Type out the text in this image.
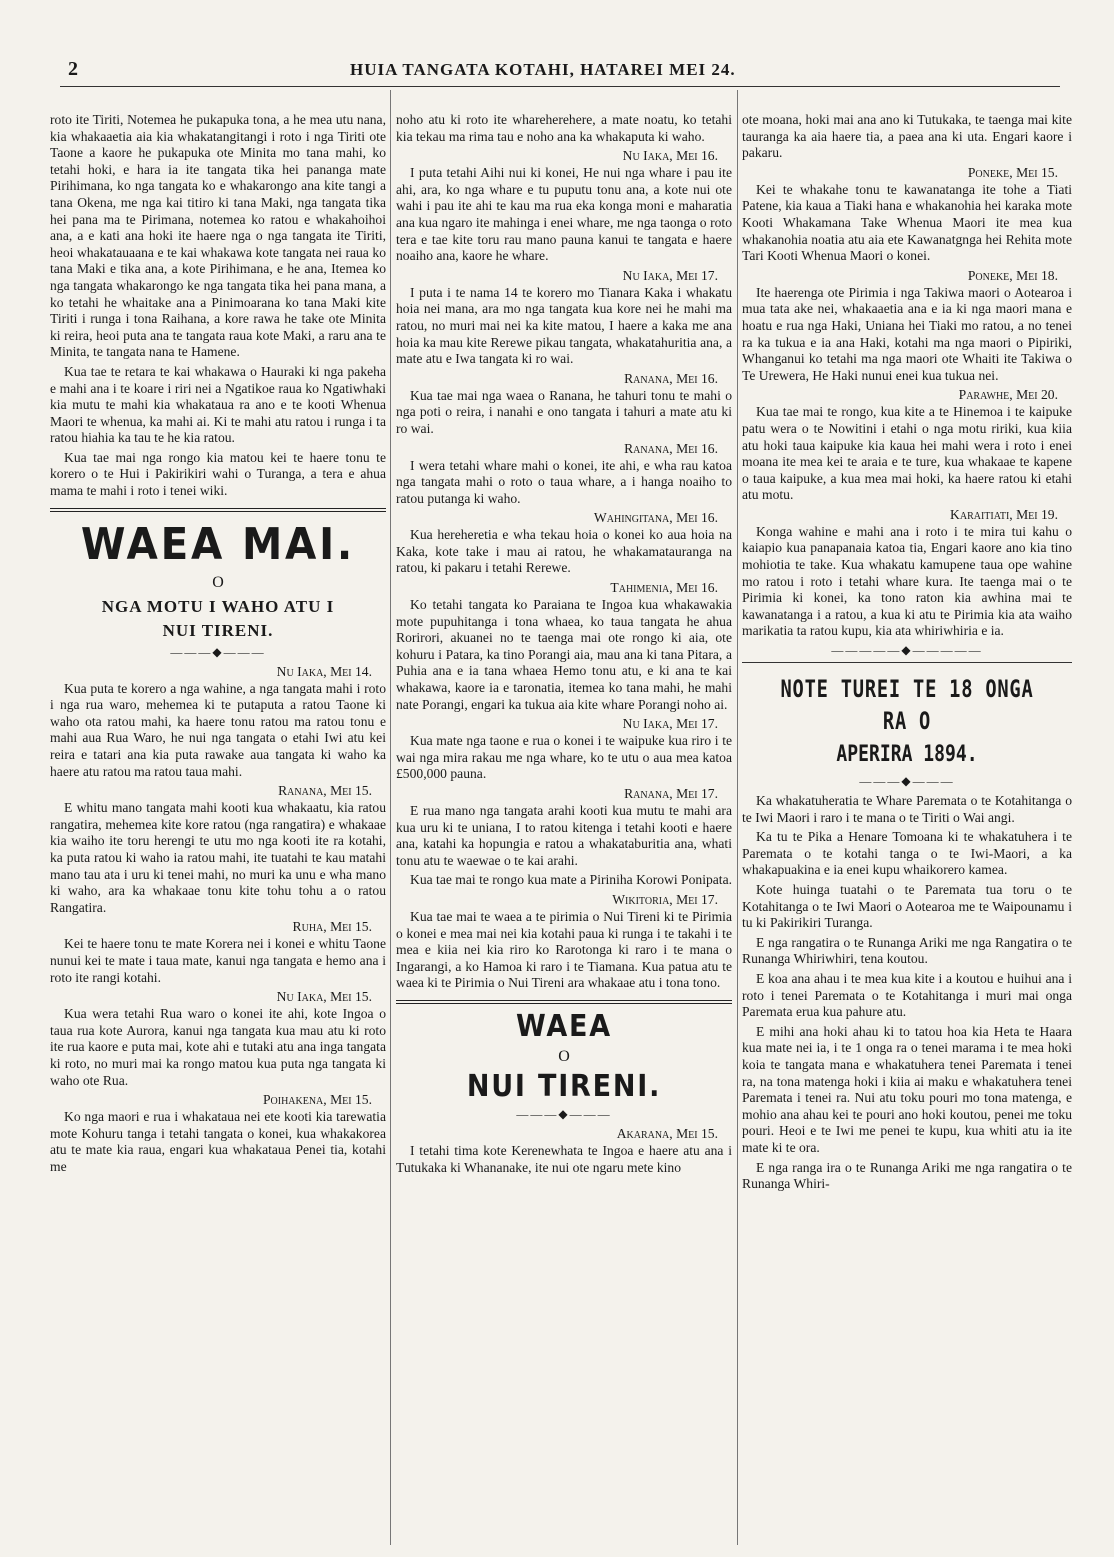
2	HUIA TANGATA KOTAHI, HATAREI MEI 24.

roto ite Tiriti, Notemea he pukapuka tona, a he mea utu nana, kia whakaaetia aia kia whakatangitangi i roto i nga Tiriti ote Taone a kaore he pukapuka ote Minita mo tana mahi, ko tetahi hoki, e hara ia ite tangata tika hei pananga mate Pirihimana, ko nga tangata ko e whakarongo ana kite tangi a tana Okena, me nga kai titiro ki tana Maki, nga tangata tika hei pana ma te Pirimana, notemea ko ratou e whakahoihoi ana, a e kati ana hoki ite haere nga o nga tangata ite Tiriti, heoi whakatauaana e te kai whakawa kote tangata nei raua ko tana Maki e tika ana, a kote Pirihimana, e he ana, Itemea ko nga tangata whakarongo ke nga tangata tika hei pana mana, a ko tetahi he whaitake ana a Pinimoarana ko tana Maki kite Tiriti i runga i tona Raihana, a kore rawa he take ote Minita ki reira, heoi puta ana te tangata raua kote Maki, a raru ana te Minita, te tangata nana te Hamene.

Kua tae te retara te kai whakawa o Hauraki ki nga pakeha e mahi ana i te koare i riri nei a Ngatikoe raua ko Ngatiwhaki kia mutu te mahi kia whakataua ra ano e te kooti Whenua Maori te whenua, ka mahi ai. Ki te mahi atu ratou i runga i ta ratou hiahia ka tau te he kia ratou.

Kua tae mai nga rongo kia matou kei te haere tonu te korero o te Hui i Pakirikiri wahi o Turanga, a tera e ahua mama te mahi i roto i tenei wiki.

WAEA MAI.
O
NGA MOTU I WAHO ATU I
NUI TIRENI.
———◆———
Nu Iaka, Mei 14.

Kua puta te korero a nga wahine, a nga tangata mahi i roto i nga rua waro, mehemea ki te putaputa a ratou Taone ki waho ota ratou mahi, ka haere tonu ratou ma ratou tonu e mahi aua Rua Waro, he nui nga tangata o etahi Iwi atu kei reira e tatari ana kia puta rawake aua tangata ki waho ka haere atu ratou ma ratou taua mahi.

Ranana, Mei 15.

E whitu mano tangata mahi kooti kua whakaatu, kia ratou rangatira, mehemea kite kore ratou (nga rangatira) e whakaae kia waiho ite toru herengi te utu mo nga kooti ite ra kotahi, ka puta ratou ki waho ia ratou mahi, ite tuatahi te kau matahi mano tau ata i uru ki tenei mahi, no muri ka unu e wha mano ki waho, ara ka whakaae tonu kite tohu tohu a o ratou Rangatira.

Ruha, Mei 15.

Kei te haere tonu te mate Korera nei i konei e whitu Taone nunui kei te mate i taua mate, kanui nga tangata e hemo ana i roto ite rangi kotahi.

Nu Iaka, Mei 15.

Kua wera tetahi Rua waro o konei ite ahi, kote Ingoa o taua rua kote Aurora, kanui nga tangata kua mau atu ki roto ite rua kaore e puta mai, kote ahi e tutaki atu ana inga tangata ki roto, no muri mai ka rongo matou kua puta nga tangata ki waho ote Rua.

Poihakena, Mei 15.

Ko nga maori e rua i whakataua nei ete kooti kia tarewatia mote Kohuru tanga i tetahi tangata o konei, kua whakakorea atu te mate kia raua, engari kua whakataua Penei tia, kotahi me

noho atu ki roto ite whareherehere, a mate noatu, ko tetahi kia tekau ma rima tau e noho ana ka whakaputa ki waho.

Nu Iaka, Mei 16.

I puta tetahi Aihi nui ki konei, He nui nga whare i pau ite ahi, ara, ko nga whare e tu puputu tonu ana, a kote nui ote wahi i pau ite ahi te kau ma rua eka konga moni e maharatia ana kua ngaro ite mahinga i enei whare, me nga taonga o roto tera e tae kite toru rau mano pauna kanui te tangata e haere noaiho ana, kaore he whare.

Nu Iaka, Mei 17.

I puta i te nama 14 te korero mo Tianara Kaka i whakatu hoia nei mana, ara mo nga tangata kua kore nei he mahi ma ratou, no muri mai nei ka kite matou, I haere a kaka me ana hoia ka mau kite Rerewe pikau tangata, whakatahuritia ana, a mate atu e Iwa tangata ki ro wai.

Ranana, Mei 16.

Kua tae mai nga waea o Ranana, he tahuri tonu te mahi o nga poti o reira, i nanahi e ono tangata i tahuri a mate atu ki ro wai.

Ranana, Mei 16.

I wera tetahi whare mahi o konei, ite ahi, e wha rau katoa nga tangata mahi o roto o taua whare, a i hanga noaiho to ratou putanga ki waho.

Wahingitana, Mei 16.

Kua hereheretia e wha tekau hoia o konei ko aua hoia na Kaka, kote take i mau ai ratou, he whakamatauranga na ratou, ki pakaru i tetahi Rerewe.

Tahimenia, Mei 16.

Ko tetahi tangata ko Paraiana te Ingoa kua whakawakia mote pupuhitanga i tona whaea, ko taua tangata he ahua Rorirori, akuanei no te taenga mai ote rongo ki aia, ote kohuru i Patara, ka tino Porangi aia, mau ana ki tana Pitara, a Puhia ana e ia tana whaea Hemo tonu atu, e ki ana te kai whakawa, kaore ia e taronatia, itemea ko tana mahi, he mahi nate Porangi, engari ka tukua aia kite whare Porangi noho ai.

Nu Iaka, Mei 17.

Kua mate nga taone e rua o konei i te waipuke kua riro i te wai nga mira rakau me nga whare, ko te utu o aua mea katoa £500,000 pauna.

Ranana, Mei 17.

E rua mano nga tangata arahi kooti kua mutu te mahi ara kua uru ki te uniana, I to ratou kitenga i tetahi kooti e haere ana, katahi ka hopungia e ratou a whakataburitia ana, whati tonu atu te waewae o te kai arahi.

Kua tae mai te rongo kua mate a Piriniha Korowi Ponipata.

Wikitoria, Mei 17.

Kua tae mai te waea a te pirimia o Nui Tireni ki te Pirimia o konei e mea mai nei kia kotahi paua ki runga i te takahi i te mea e kiia nei kia riro ko Rarotonga ki raro i te mana o Ingarangi, a ko Hamoa ki raro i te Tiamana. Kua patua atu te waea ki te Pirimia o Nui Tireni ara whakaae atu i tona tono.

WAEA
O
NUI TIRENI.
———◆———
Akarana, Mei 15.

I tetahi tima kote Kerenewhata te Ingoa e haere atu ana i Tutukaka ki Whananake, ite nui ote ngaru mete kino

ote moana, hoki mai ana ano ki Tutukaka, te taenga mai kite taurangа ka aia haere tia, a paea ana ki uta. Engari kaore i pakaru.

Poneke, Mei 15.

Kei te whakahe tonu te kawanatanga ite tohe a Tiati Patene, kia kaua a Tiaki hana e whakanohia hei karaka mote Kooti Whakamana Take Whenua Maori ite mea kua whakanohia noatia atu aia ete Kawanatgnga hei Rehita mote Tari Kooti Whenua Maori o konei.

Poneke, Mei 18.

Ite haerenga ote Pirimia i nga Takiwa maori o Aotearoa i mua tata ake nei, whakaaetia ana e ia ki nga maori mana e hoatu e rua nga Haki, Uniana hei Tiaki mo ratou, a no tenei ra ka tukua e ia ana Haki, kotahi ma nga maori o Pipiriki, Whanganui ko tetahi ma nga maori ote Whaiti ite Takiwa o Te Urewera, He Haki nunui enei kua tukua nei.

Parawhe, Mei 20.

Kua tae mai te rongo, kua kite a te Hinemoa i te kaipuke patu wera o te Nowitini i etahi o nga motu ririki, kua kiia atu hoki taua kaipuke kia kaua hei mahi wera i roto i enei moana ite mea kei te araia e te ture, kua whakaae te kapene o taua kaipuke, a kua mea mai hoki, ka haere ratou ki etahi atu motu.

Karaitiati, Mei 19.

Konga wahine e mahi ana i roto i te mira tui kahu o kaiapio kua panapanaia katoa tia, Engari kaore ano kia tino mohiotia te take. Kua whakatu kamupene taua ope wahine mo ratou i roto i tetahi whare kura. Ite taenga mai o te Pirimia ki konei, ka tono raton kia awhina mai te kawanatanga i a ratou, a kua ki atu te Pirimia kia ata waiho marikatia ta ratou kupu, kia ata whiriwhiria e ia.

—————◆—————
NOTE TUREI TE 18 ONGA RA O
APERIRA 1894.
———◆———

Ka whakatuheratia te Whare Paremata o te Kotahitanga o te Iwi Maori i raro i te mana o te Tiriti o Wai angi.

Ka tu te Pika a Henare Tomoana ki te whakatuhera i te Paremata o te kotahi tanga o te Iwi-Maori, a ka whakapuakina e ia enei kupu whaikorero kamea.

Kote huinga tuatahi o te Paremata tua toru o te Kotahitanga o te Iwi Maori o Aotearoa me te Waipounamu i tu ki Pakirikiri Turanga.

E nga rangatira o te Runanga Ariki me nga Rangatira o te Runanga Whiriwhiri, tena koutou.

E koa ana ahau i te mea kua kite i a koutou e huihui ana i roto i tenei Paremata o te Kotahitanga i muri mai onga Paremata erua kua pahure atu.

E mihi ana hoki ahau ki to tatou hoa kia Heta te Haara kua mate nei ia, i te 1 onga ra o tenei marama i te mea hoki koia te tangata mana e whakatuhera tenei Paremata i tenei ra, na tona matenga hoki i kiia ai maku e whakatuhera tenei Paremata i tenei ra. Nui atu toku pouri mo tona matenga, e mohio ana ahau kei te pouri ano hoki koutou, penei me toku pouri. Heoi e te Iwi me penei te kupu, kua whiti atu ia ite mate ki te ora.

E nga ranga ira o te Runanga Ariki me nga rangatira o te Runanga Whiri-
